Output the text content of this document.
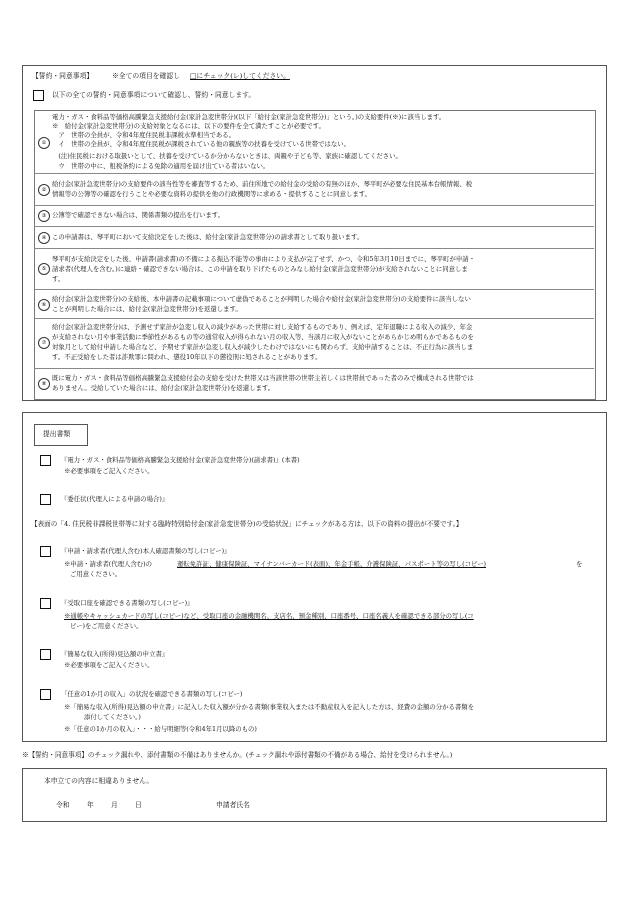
【誓約・同意事項】	※全ての項目を確認し □にチェック(レ)してください。
以下の全ての誓約・同意事項について確認し、誓約・同意します。
①
電力・ガス・食料品等価格高騰緊急支援給付金(家計急変世帯分)(以下「給付金(家計急変世帯分)」という。)の支給要件(※)に該当します。
※　給付金(家計急変世帯分)の支給対象となるには、以下の要件を全て満たすことが必要です。
　ア　世帯の全員が、令和4年度住民税非課税水準相当である。
　イ　世帯の全員が、令和4年度住民税が課税されている他の親族等の扶養を受けている世帯ではない。
　(注)住民税における取扱いとして、扶養を受けているか分からないときは、両親や子ども等、家族に確認してください。
　ウ　世帯の中に、租税条約による免除の適用を届け出ている者はいない。
②
給付金(家計急変世帯分)の支給要件の該当性等を審査等するため、前住所地での給付金の受給の有無のほか、琴平町が必要な住民基本台帳情報、税
情報等の公簿等の確認を行うことや必要な資料の提供を他の行政機関等に求める・提供することに同意します。
③ 公簿等で確認できない場合は、関係書類の提出を行います。
④ この申請書は、琴平町において支給決定をした後は、給付金(家計急変世帯分)の請求書として取り扱います。
⑤
琴平町が支給決定をした後、申請書(請求書)の不備による振込不能等の事由により支払が完了せず、かつ、令和5年3月10日までに、琴平町が申請・
請求者(代理人を含む。)に連絡・確認できない場合は、この申請を取り下げたものとみなし給付金(家計急変世帯分)が支給されないことに同意しま
す。
⑥
給付金(家計急変世帯分)の支給後、本申請書の記載事項について虚偽であることが判明した場合や給付金(家計急変世帯分)の支給要件に該当しない
ことが判明した場合には、給付金(家計急変世帯分)を返還します。
⑦
給付金(家計急変世帯分)は、予測せず家計が急変し収入の減少があった世帯に対し支給するものであり、例えば、定年退職による収入の減少、年金
が支給されない月や事業活動に季節性があるもの等の通常収入が得られない月の収入等、当該月に収入がないことがあらかじめ明らかであるものを
対象月として給付申請した場合など、予期せず家計が急変し収入が減少したわけではないにも関わらず、支給申請することは、不正行為に該当しま
す。不正受給をした者は詐欺罪に問われ、懲役10年以下の懲役刑に処されることがあります。
⑧
既に電力・ガス・食料品等価格高騰緊急支援給付金の支給を受けた世帯又は当該世帯の世帯主若しくは世帯員であった者のみで構成される世帯では
ありません。受給していた場合には、給付金(家計急変世帯分)を返還します。
提出書類
『電力・ガス・食料品等価格高騰緊急支援給付金(家計急変世帯分)(請求書)』(本書)
※必要事項をご記入ください。
『委任状(代理人による申請の場合)』
【表面の「4. 住民税非課税世帯等に対する臨時特別給付金(家計急変世帯分)の受給状況」にチェックがある方は、以下の資料の提出が不要です。】
『申請・請求者(代理人含む)本人確認書類の写し(コピー)』
※申請・請求者(代理人含む)の	運転免許証、健康保険証、マイナンバーカード(表面)、年金手帳、介護保険証、パスポート等の写し(コピー)	を
ご用意ください。
『受取口座を確認できる書類の写し(コピー)』
※通帳やキャッシュカードの写し(コピー)など、受取口座の金融機関名、支店名、預金種別、口座番号、口座名義人を確認できる部分の写し(コ
ピー)をご用意ください。
『簡易な収入(所得)見込額の申立書』
※必要事項をご記入ください。
「任意の1か月の収入」の状況を確認できる書類の写し(コピー)
※「簡易な収入(所得)見込額の申立書」に記入した収入額が分かる書類(事業収入または不動産収入を記入した方は、経費の金額の分かる書類を
添付してください。)
※「任意の1か月の収入」・・・給与明細等(令和4年1月以降のもの)
※【誓約・同意事項】のチェック漏れや、添付書類の不備はありませんか。(チェック漏れや添付書類の不備がある場合、給付を受けられません。)
本申立ての内容に相違ありません。
令和	年	月	日	申請者氏名
